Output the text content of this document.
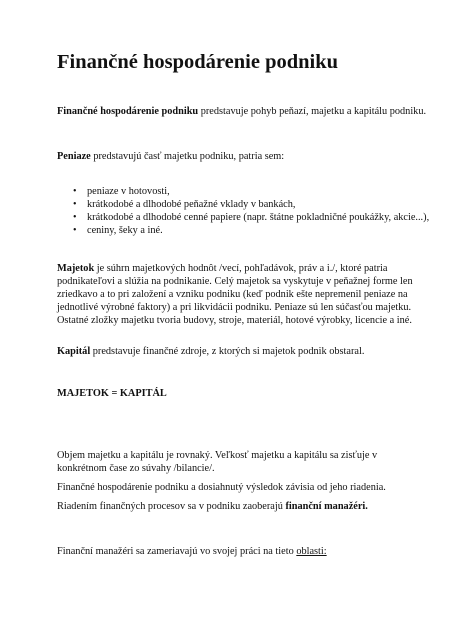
Finančné hospodárenie podniku

Finančné hospodárenie podniku predstavuje pohyb peňazí, majetku a kapitálu podniku.

Peniaze predstavujú časť majetku podniku, patria sem:

• peniaze v hotovosti,
• krátkodobé a dlhodobé peňažné vklady v bankách,
• krátkodobé a dlhodobé cenné papiere (napr. štátne pokladničné poukážky, akcie...),
• ceniny, šeky a iné.

Majetok je súhrn majetkových hodnôt /vecí, pohľadávok, práv a i./, ktoré patria podnikateľovi a slúžia na podnikanie. Celý majetok sa vyskytuje v peňažnej forme len zriedkavo a to pri založení a vzniku podniku (keď podnik ešte nepremenil peniaze na jednotlivé výrobné faktory) a pri likvidácii podniku. Peniaze sú len súčasťou majetku. Ostatné zložky majetku tvoria budovy, stroje, materiál, hotové výrobky, licencie a iné.

Kapitál predstavuje finančné zdroje, z ktorých si majetok podnik obstaral.

MAJETOK = KAPITÁL

Objem majetku a kapitálu je rovnaký. Veľkosť majetku a kapitálu sa zisťuje v konkrétnom čase zo súvahy /bilancie/.

Finančné hospodárenie podniku a dosiahnutý výsledok závisia od jeho riadenia.

Riadením finančných procesov sa v podniku zaoberajú finanční manažéri.

Finanční manažéri sa zameriavajú vo svojej práci na tieto oblasti:
